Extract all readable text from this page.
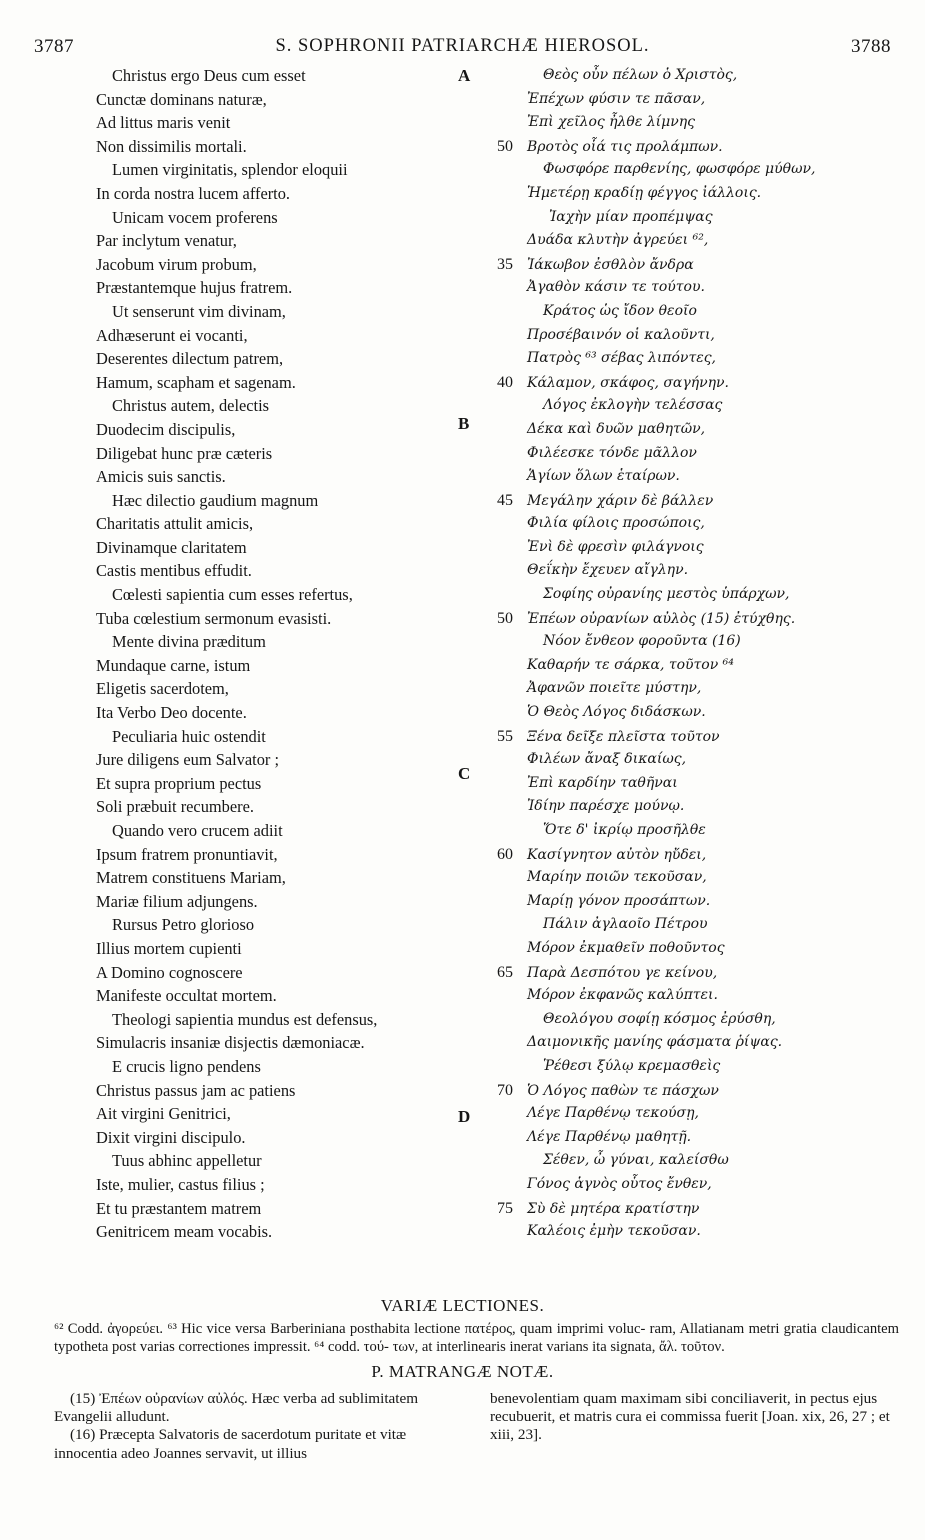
3787	S. SOPHRONII PATRIARCHÆ HIEROSOL.	3788
A
B
C
D
Christus ergo Deus cum esset
Cunctæ dominans naturæ,
Ad littus maris venit
Non dissimilis mortali.
Lumen virginitatis, splendor eloquii
In corda nostra lucem afferto.
Unicam vocem proferens
Par inclytum venatur,
Jacobum virum probum,
Præstantemque hujus fratrem.
Ut senserunt vim divinam,
Adhæserunt ei vocanti,
Deserentes dilectum patrem,
Hamum, scapham et sagenam.
Christus autem, delectis
Duodecim discipulis,
Diligebat hunc præ cæteris
Amicis suis sanctis.
Hæc dilectio gaudium magnum
Charitatis attulit amicis,
Divinamque claritatem
Castis mentibus effudit.
Cœlesti sapientia cum esses refertus,
Tuba cœlestium sermonum evasisti.
Mente divina præditum
Mundaque carne, istum
Eligetis sacerdotem,
Ita Verbo Deo docente.
Peculiaria huic ostendit
Jure diligens eum Salvator ;
Et supra proprium pectus
Soli præbuit recumbere.
Quando vero crucem adiit
Ipsum fratrem pronuntiavit,
Matrem constituens Mariam,
Mariæ filium adjungens.
Rursus Petro glorioso
Illius mortem cupienti
A Domino cognoscere
Manifeste occultat mortem.
Theologi sapientia mundus est defensus,
Simulacris insaniæ disjectis dæmoniacæ.
E crucis ligno pendens
Christus passus jam ac patiens
Ait virgini Genitrici,
Dixit virgini discipulo.
Tuus abhinc appelletur
Iste, mulier, castus filius ;
Et tu præstantem matrem
Genitricem meam vocabis.
Θεὸς οὖν πέλων ὁ Χριστὸς,
Ἐπέχων φύσιν τε πᾶσαν,
Ἐπὶ χεῖλος ἦλθε λίμνης
50 Βροτὸς οἷά τις προλάμπων.
Φωσφόρε παρθενίης, φωσφόρε μύθων,
Ἡμετέρῃ κραδίῃ φέγγος ἰάλλοις.
Ἰαχὴν μίαν προπέμψας
Δυάδα κλυτὴν ἀγρεύει ⁶²,
35 Ἰάκωβον ἐσθλὸν ἄνδρα
Ἀγαθὸν κάσιν τε τούτου.
Κράτος ὡς ἴδον θεοῖο
Προσέβαινόν οἱ καλοῦντι,
Πατρὸς ⁶³ σέβας λιπόντες,
40 Κάλαμον, σκάφος, σαγήνην.
Λόγος ἐκλογὴν τελέσσας
Δέκα καὶ δυῶν μαθητῶν,
Φιλέεσκε τόνδε μᾶλλον
Ἁγίων ὅλων ἑταίρων.
45 Μεγάλην χάριν δὲ βάλλεν
Φιλία φίλοις προσώποις,
Ἐνὶ δὲ φρεσὶν φιλάγνοις
Θεΐκὴν ἔχευεν αἴγλην.
Σοφίης οὐρανίης μεστὸς ὑπάρχων,
50 Ἐπέων οὐρανίων αὐλὸς (15) ἐτύχθης.
Νόον ἔνθεον φοροῦντα (16)
Καθαρήν τε σάρκα, τοῦτον ⁶⁴
Ἀφανῶν ποιεῖτε μύστην,
Ὁ Θεὸς Λόγος διδάσκων.
55 Ξένα δεῖξε πλεῖστα τοῦτον
Φιλέων ἄναξ δικαίως,
Ἐπὶ καρδίην ταθῆναι
Ἰδίην παρέσχε μούνῳ.
Ὅτε δ' ἰκρίῳ προσῆλθε
60 Κασίγνητον αὐτὸν ηὔδει,
Μαρίην ποιῶν τεκοῦσαν,
Μαρίῃ γόνον προσάπτων.
Πάλιν ἀγλαοῖο Πέτρου
Μόρον ἐκμαθεῖν ποθοῦντος
65 Παρὰ Δεσπότου γε κείνου,
Μόρον ἐκφανῶς καλύπτει.
Θεολόγου σοφίῃ κόσμος ἐρύσθη,
Δαιμονικῆς μανίης φάσματα ῥίψας.
Ῥέθεσι ξύλῳ κρεμασθεὶς
70 Ὁ Λόγος παθὼν τε πάσχων
Λέγε Παρθένῳ τεκούσῃ,
Λέγε Παρθένῳ μαθητῇ.
Σέθεν, ὦ γύναι, καλείσθω
Γόνος ἁγνὸς οὗτος ἔνθεν,
75 Σὺ δὲ μητέρα κρατίστην
Καλέοις ἐμὴν τεκοῦσαν.
VARIÆ LECTIONES.
⁶² Codd. ἀγορεύει. ⁶³ Hic vice versa Barberiniana posthabita lectione πατέρος, quam imprimi voluc- ram, Allatianam metri gratia claudicantem typotheta post varias correctiones impressit. ⁶⁴ codd. τού- των, at interlinearis inerat varians ita signata, ἄλ. τοῦτον.
P. MATRANGÆ NOTÆ.

(15) Ἐπέων οὐρανίων αὐλός. Hæc verba ad sublimitatem Evangelii alludunt.

(16) Præcepta Salvatoris de sacerdotum puritate et vitæ innocentia adeo Joannes servavit, ut illius

benevolentiam quam maximam sibi conciliaverit, in pectus ejus recubuerit, et matris cura ei commissa fuerit [Joan. xix, 26, 27 ; et xiii, 23].
